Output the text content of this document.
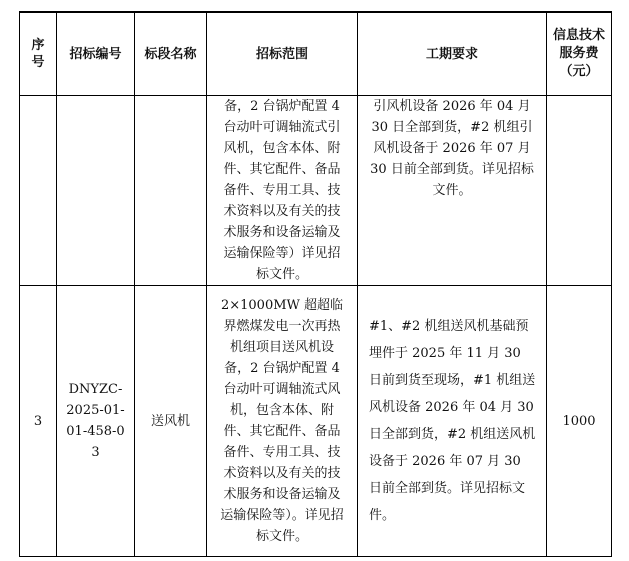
序号	招标编号	标段名称	招标范围	工期要求	信息技术服务费（元）

			备，2 台锅炉配置 4 台动叶可调轴流式引风机，包含本体、附件、其它配件、备品备件、专用工具、技术资料以及有关的技术服务和设备运输及运输保险等）详见招标文件。	引风机设备 2026 年 04 月 30 日全部到货，#2 机组引风机设备于 2026 年 07 月 30 日前全部到货。详见招标文件。	

3	DNYZC-2025-01-01-458-03	送风机	2×1000MW 超超临界燃煤发电一次再热机组项目送风机设备，2 台锅炉配置 4 台动叶可调轴流式风机，包含本体、附件、其它配件、备品备件、专用工具、技术资料以及有关的技术服务和设备运输及运输保险等）。详见招标文件。	#1、#2 机组送风机基础预埋件于 2025 年 11 月 30 日前到货至现场，#1 机组送风机设备 2026 年 04 月 30 日全部到货，#2 机组送风机设备于 2026 年 07 月 30 日前全部到货。详见招标文件。	1000
